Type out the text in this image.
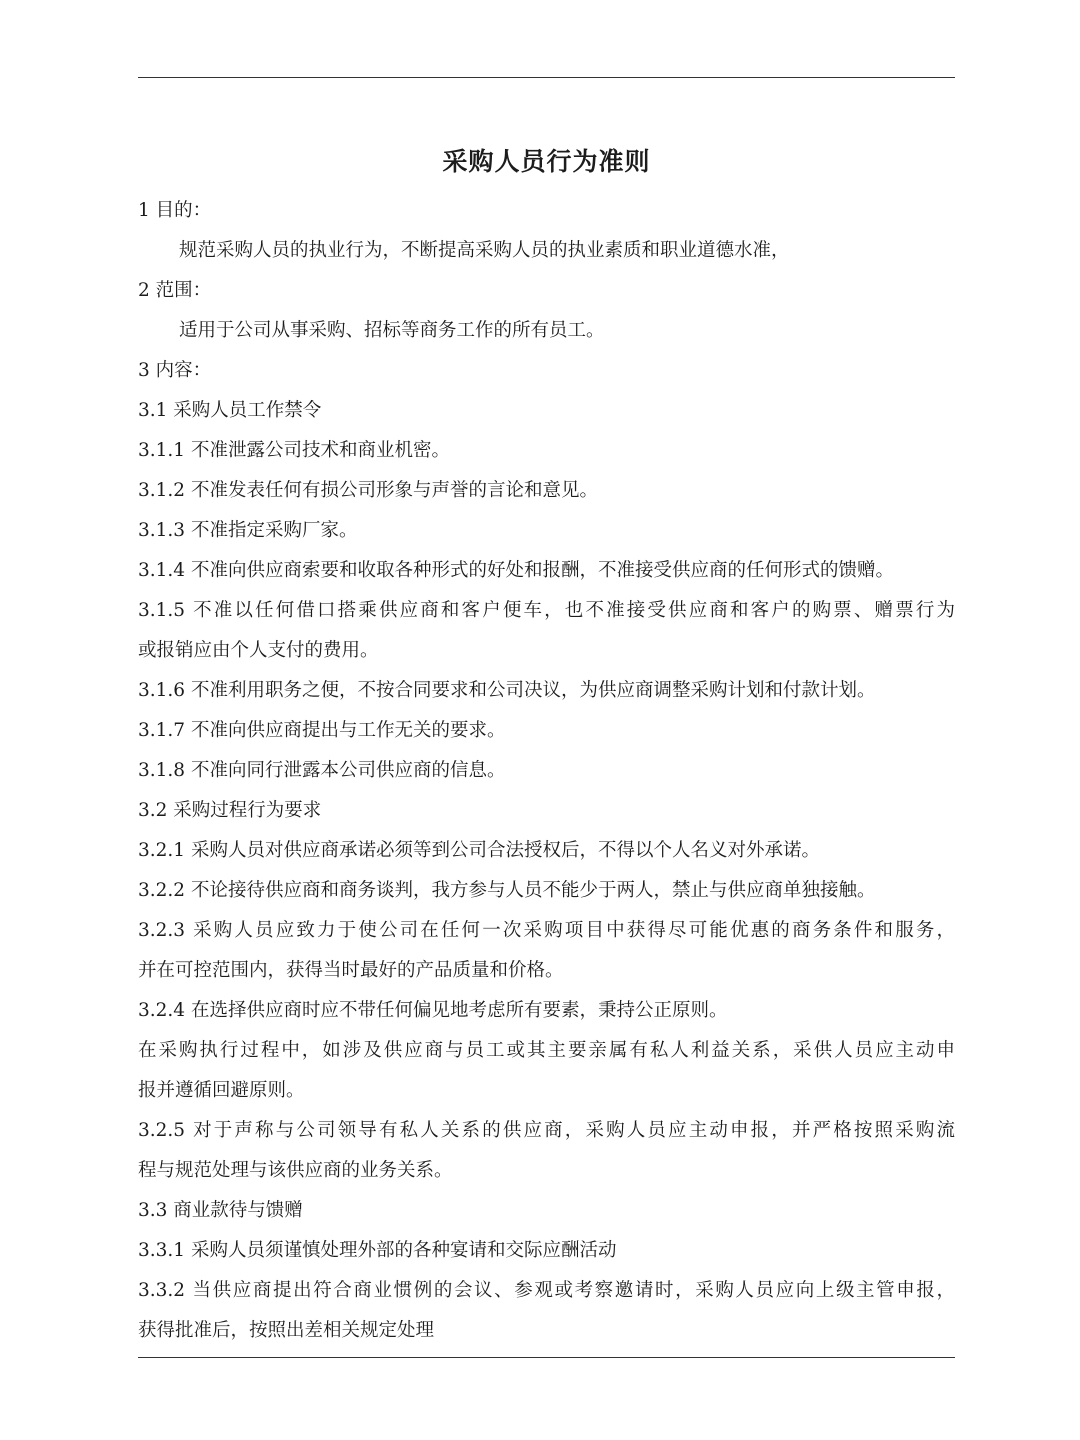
采购人员行为准则
1 目的：
规范采购人员的执业行为，不断提高采购人员的执业素质和职业道德水准，
2 范围：
适用于公司从事采购、招标等商务工作的所有员工。
3 内容：
3.1 采购人员工作禁令
3.1.1 不准泄露公司技术和商业机密。
3.1.2 不准发表任何有损公司形象与声誉的言论和意见。
3.1.3 不准指定采购厂家。
3.1.4 不准向供应商索要和收取各种形式的好处和报酬，不准接受供应商的任何形式的馈赠。
3.1.5 不准以任何借口搭乘供应商和客户便车，也不准接受供应商和客户的购票、赠票行为
或报销应由个人支付的费用。
3.1.6 不准利用职务之便，不按合同要求和公司决议，为供应商调整采购计划和付款计划。
3.1.7 不准向供应商提出与工作无关的要求。
3.1.8 不准向同行泄露本公司供应商的信息。
3.2 采购过程行为要求
3.2.1 采购人员对供应商承诺必须等到公司合法授权后，不得以个人名义对外承诺。
3.2.2 不论接待供应商和商务谈判，我方参与人员不能少于两人，禁止与供应商单独接触。
3.2.3 采购人员应致力于使公司在任何一次采购项目中获得尽可能优惠的商务条件和服务，
并在可控范围内，获得当时最好的产品质量和价格。
3.2.4 在选择供应商时应不带任何偏见地考虑所有要素，秉持公正原则。
在采购执行过程中，如涉及供应商与员工或其主要亲属有私人利益关系，采供人员应主动申
报并遵循回避原则。
3.2.5 对于声称与公司领导有私人关系的供应商，采购人员应主动申报，并严格按照采购流
程与规范处理与该供应商的业务关系。
3.3 商业款待与馈赠
3.3.1 采购人员须谨慎处理外部的各种宴请和交际应酬活动
3.3.2 当供应商提出符合商业惯例的会议、参观或考察邀请时，采购人员应向上级主管申报，
获得批准后，按照出差相关规定处理
